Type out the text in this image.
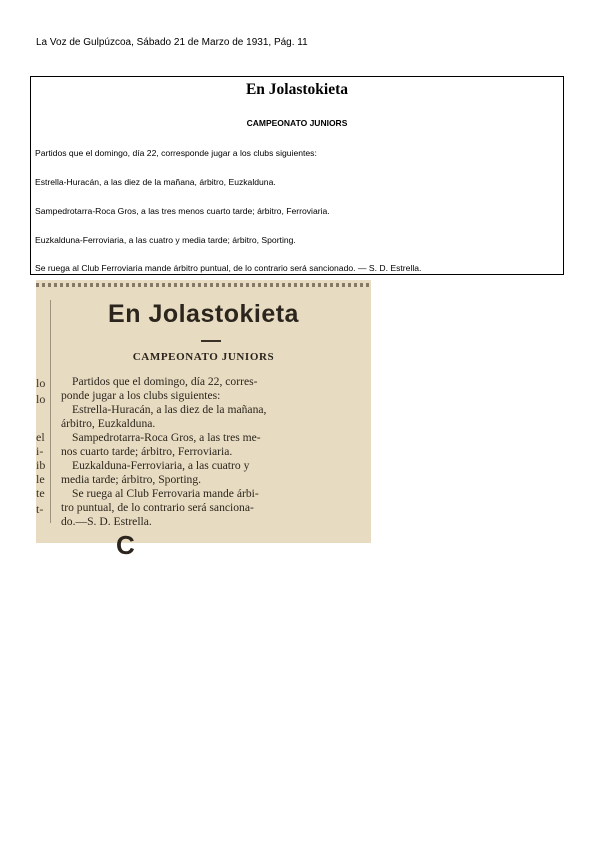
La Voz de Gulpúzcoa, Sábado 21 de Marzo de 1931, Pág. 11
En Jolastokieta
CAMPEONATO JUNIORS
Partidos que el domingo, día 22, corresponde jugar a los clubs siguientes:
Estrella-Huracán, a las diez de la mañana, árbitro, Euzkalduna.
Sampedrotarra-Roca Gros, a las tres menos cuarto tarde; árbitro, Ferroviaria.
Euzkalduna-Ferroviaria, a las cuatro y media tarde; árbitro, Sporting.
Se ruega al Club Ferroviaria mande árbitro puntual, de lo contrario será sancionado. — S. D. Estrella.
lo
lo
el
i-
ib
le
te
t-
En Jolastokieta
CAMPEONATO JUNIORS
Partidos que el domingo, día 22, corres-
ponde jugar a los clubs siguientes:
Estrella-Huracán, a las diez de la mañana,
árbitro, Euzkalduna.
Sampedrotarra-Roca Gros, a las tres me-
nos cuarto tarde; árbitro, Ferroviaria.
Euzkalduna-Ferroviaria, a las cuatro y
media tarde; árbitro, Sporting.
Se ruega al Club Ferrovaria mande árbi-
tro puntual, de lo contrario será sanciona-
do.—S. D. Estrella.
C
